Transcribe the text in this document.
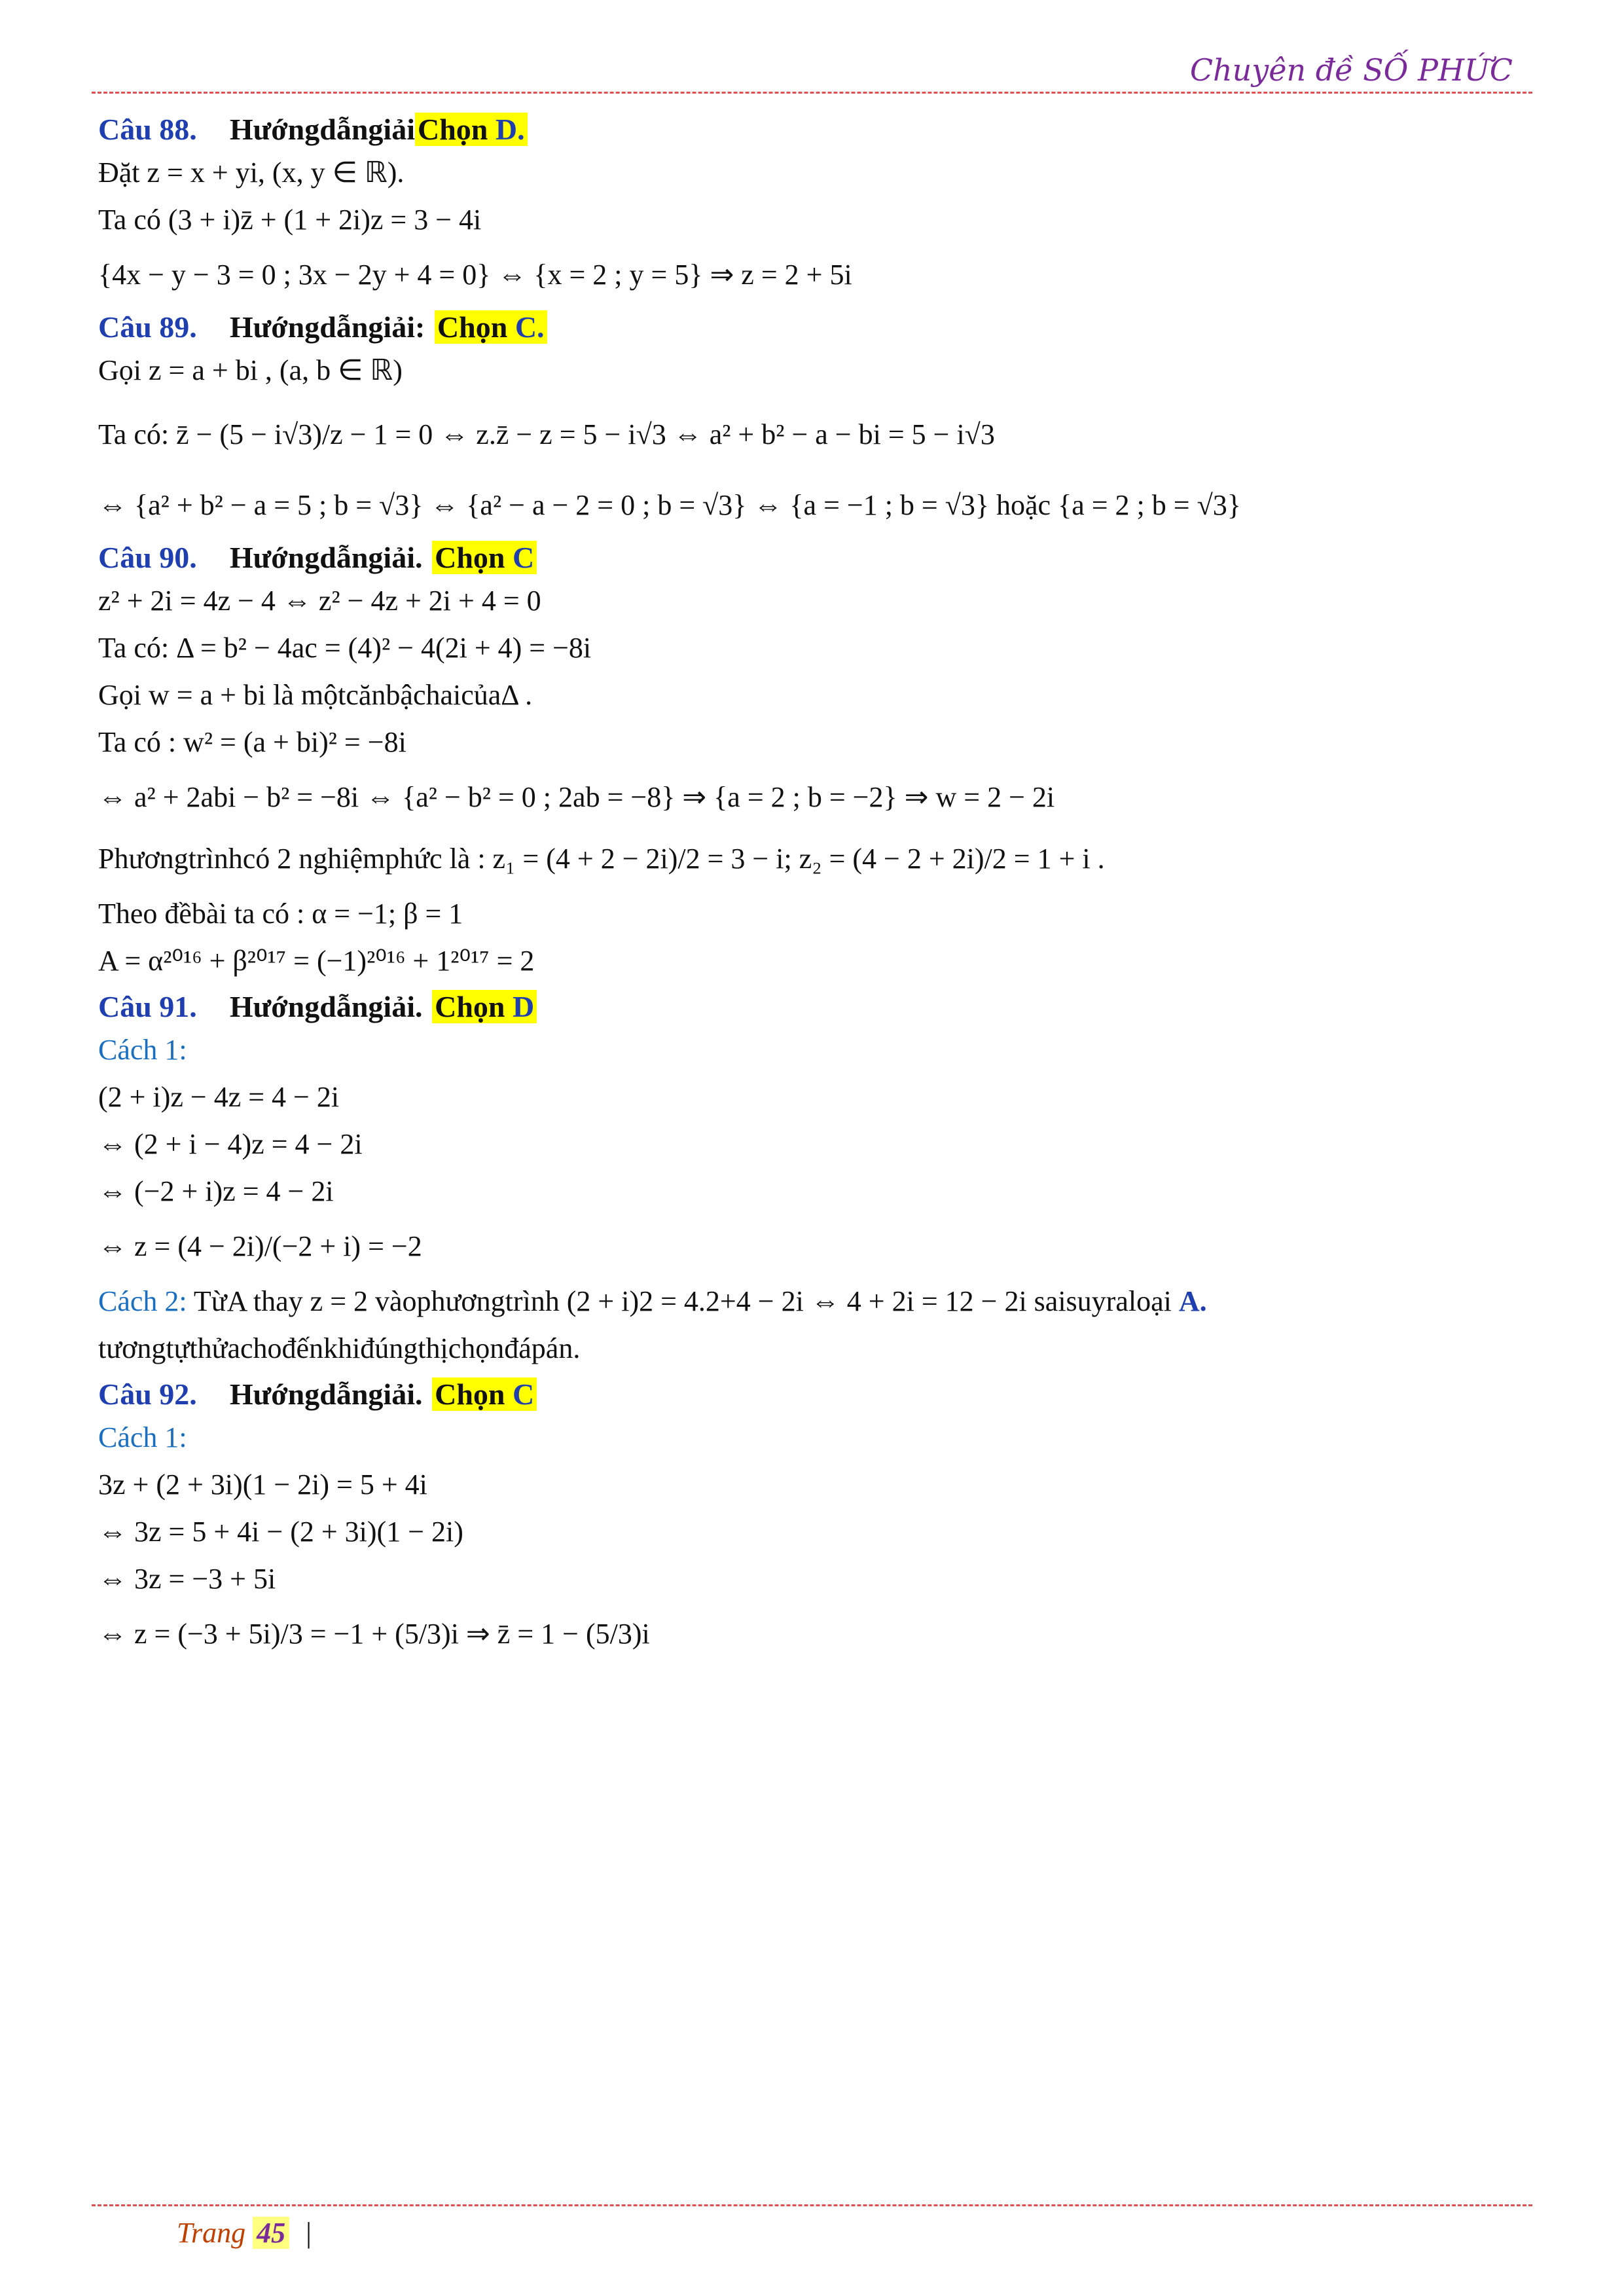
Chuyên đề SỐ PHỨC
Câu 88. HướngdẫngiảiChọn D.
Đặt z = x + yi, (x, y ∈ ℝ).
Ta có (3 + i)z̄ + (1 + 2i)z = 3 − 4i
{4x − y − 3 = 0 ; 3x − 2y + 4 = 0} ⇔ {x = 2 ; y = 5} ⇒ z = 2 + 5i
Câu 89. Hướngdẫngiải: Chọn C.
Gọi z = a + bi , (a, b ∈ ℝ)
Ta có: z̄ − (5 − i√3)/z − 1 = 0 ⇔ z.z̄ − z = 5 − i√3 ⇔ a² + b² − a − bi = 5 − i√3
⇔ {a² + b² − a = 5 ; b = √3} ⇔ {a² − a − 2 = 0 ; b = √3} ⇔ {a = −1 ; b = √3} hoặc {a = 2 ; b = √3}
Câu 90. Hướngdẫngiải. Chọn C
z² + 2i = 4z − 4 ⇔ z² − 4z + 2i + 4 = 0
Ta có: Δ = b² − 4ac = (4)² − 4(2i + 4) = −8i
Gọi w = a + bi là mộtcănbậchaicủaΔ .
Ta có : w² = (a + bi)² = −8i
⇔ a² + 2abi − b² = −8i ⇔ {a² − b² = 0 ; 2ab = −8} ⇒ {a = 2 ; b = −2} ⇒ w = 2 − 2i
Phươngtrìnhcó 2 nghiệmphức là : z₁ = (4 + 2 − 2i)/2 = 3 − i; z₂ = (4 − 2 + 2i)/2 = 1 + i .
Theo đềbài ta có : α = −1; β = 1
A = α²⁰¹⁶ + β²⁰¹⁷ = (−1)²⁰¹⁶ + 1²⁰¹⁷ = 2
Câu 91. Hướngdẫngiải. Chọn D
Cách 1:
(2 + i)z − 4z = 4 − 2i
⇔ (2 + i − 4)z = 4 − 2i
⇔ (−2 + i)z = 4 − 2i
⇔ z = (4 − 2i)/(−2 + i) = −2
Cách 2: TừA thay z = 2 vàophươngtrình (2 + i)2 = 4.2+4 − 2i ⇔ 4 + 2i = 12 − 2i saisuyraloại A.
tươngtựthửachođếnkhiđúngthịchọnđápán.
Câu 92. Hướngdẫngiải. Chọn C
Cách 1:
3z + (2 + 3i)(1 − 2i) = 5 + 4i
⇔ 3z = 5 + 4i − (2 + 3i)(1 − 2i)
⇔ 3z = −3 + 5i
⇔ z = (−3 + 5i)/3 = −1 + (5/3)i ⇒ z̄ = 1 − (5/3)i
Trang 45 |
